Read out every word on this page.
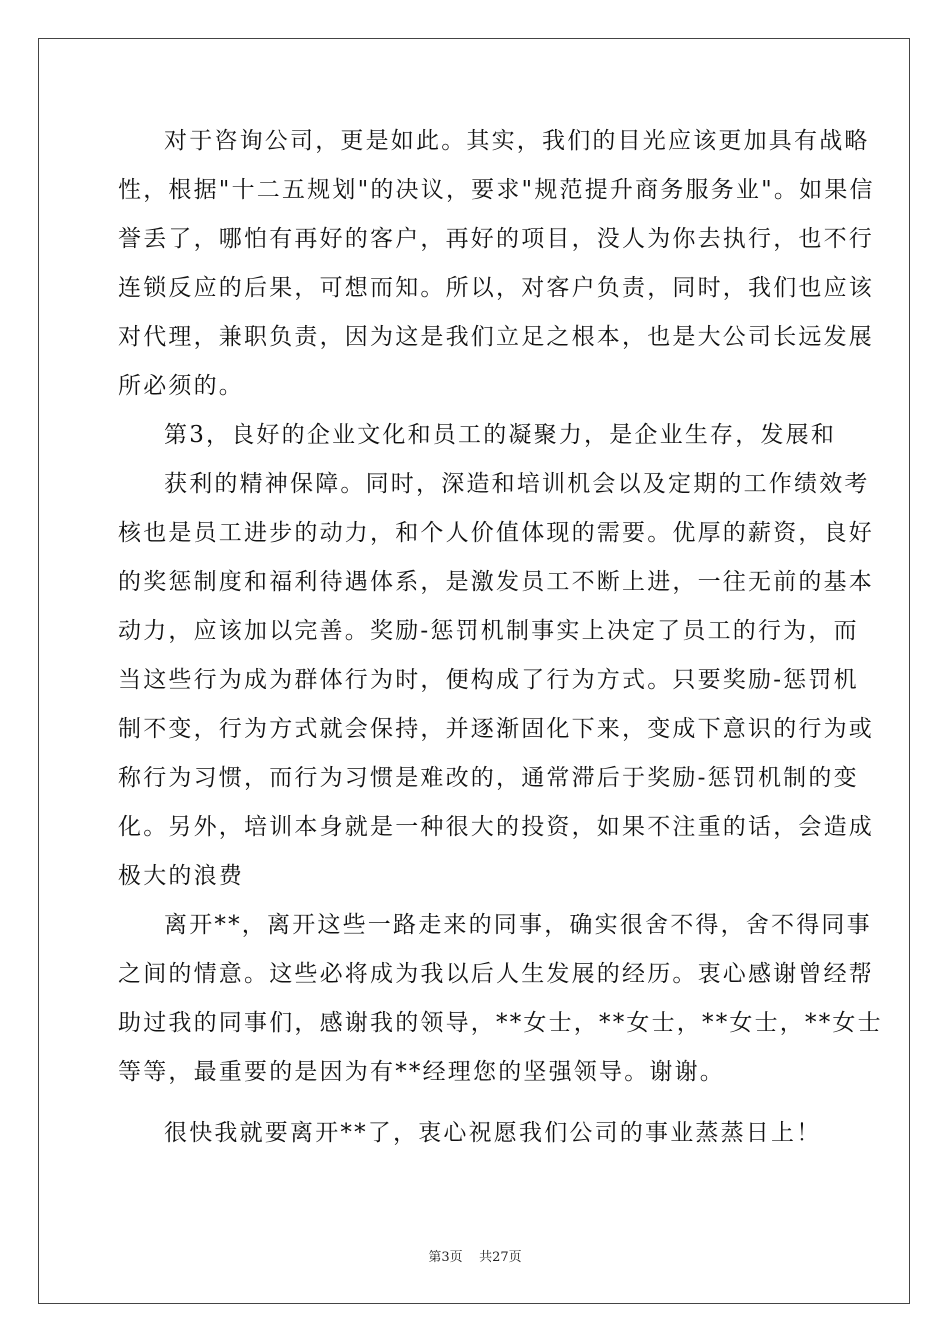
对于咨询公司，更是如此。其实，我们的目光应该更加具有战略
性，根据"十二五规划"的决议，要求"规范提升商务服务业"。如果信
誉丢了，哪怕有再好的客户，再好的项目，没人为你去执行，也不行
连锁反应的后果，可想而知。所以，对客户负责，同时，我们也应该
对代理，兼职负责，因为这是我们立足之根本，也是大公司长远发展
所必须的。
第3，良好的企业文化和员工的凝聚力，是企业生存，发展和
获利的精神保障。同时，深造和培训机会以及定期的工作绩效考
核也是员工进步的动力，和个人价值体现的需要。优厚的薪资，良好
的奖惩制度和福利待遇体系，是激发员工不断上进，一往无前的基本
动力，应该加以完善。奖励-惩罚机制事实上决定了员工的行为，而
当这些行为成为群体行为时，便构成了行为方式。只要奖励-惩罚机
制不变，行为方式就会保持，并逐渐固化下来，变成下意识的行为或
称行为习惯，而行为习惯是难改的，通常滞后于奖励-惩罚机制的变
化。另外，培训本身就是一种很大的投资，如果不注重的话，会造成
极大的浪费
离开**，离开这些一路走来的同事，确实很舍不得，舍不得同事
之间的情意。这些必将成为我以后人生发展的经历。衷心感谢曾经帮
助过我的同事们，感谢我的领导，**女士，**女士，**女士，**女士
等等，最重要的是因为有**经理您的坚强领导。谢谢。
很快我就要离开**了，衷心祝愿我们公司的事业蒸蒸日上！
第3页 共27页
